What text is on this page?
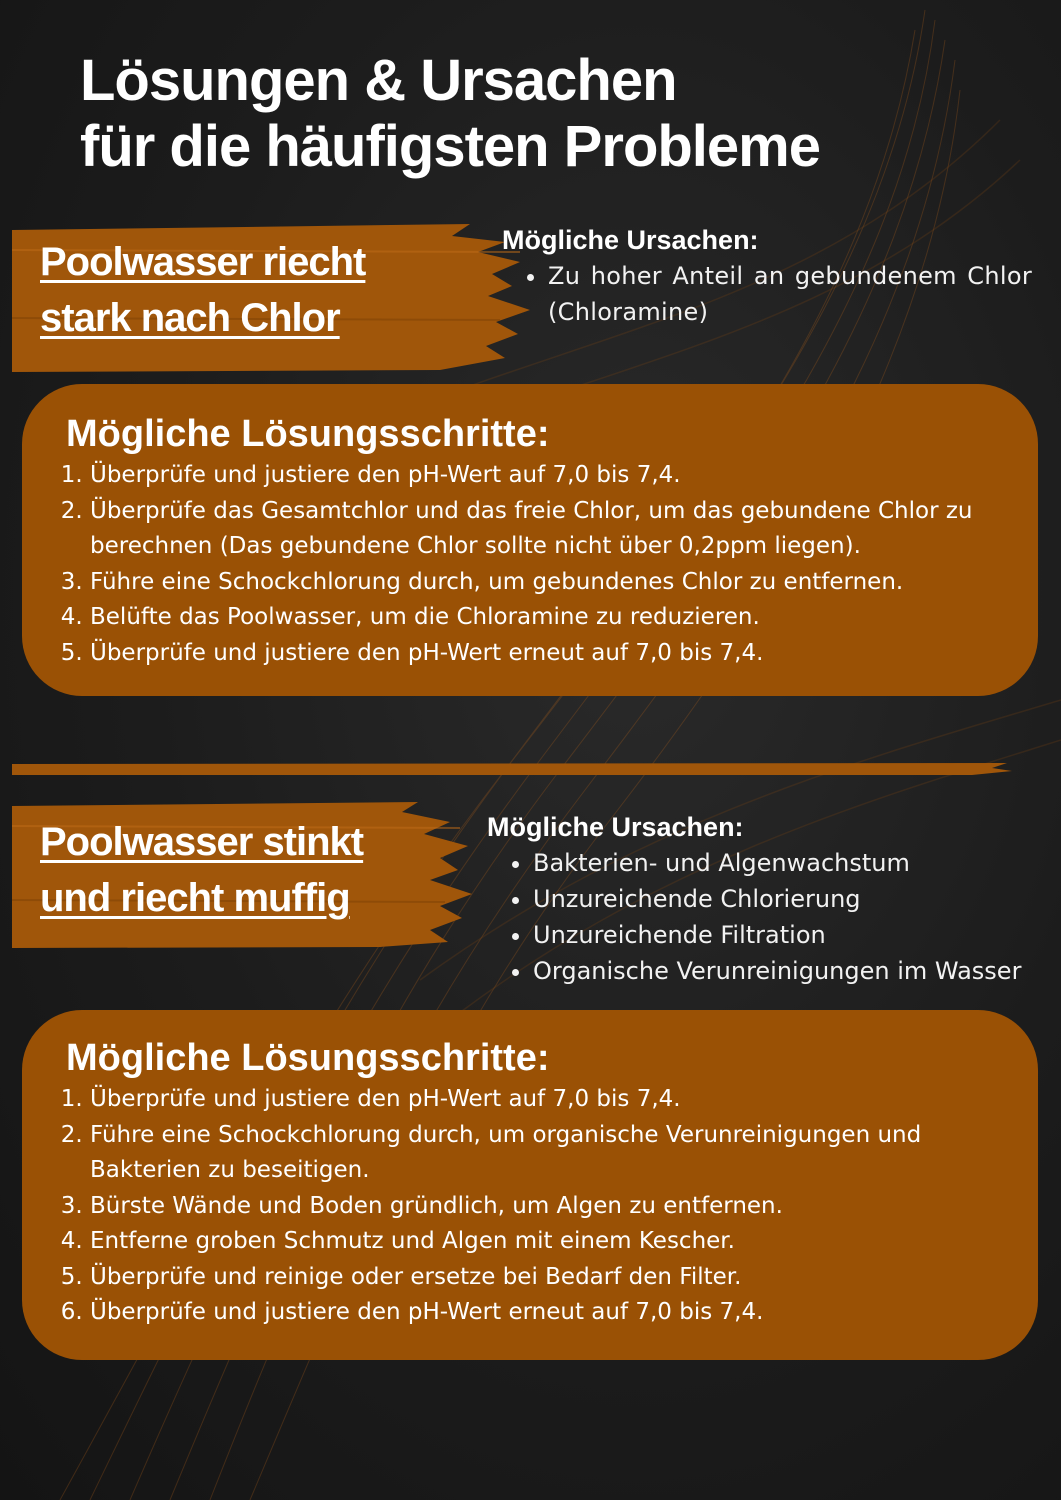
Lösungen & Ursachen
für die häufigsten Probleme
Poolwasser riecht
stark nach Chlor
Mögliche Ursachen:
• Zu hoher Anteil an gebundenem Chlor (Chloramine)
Mögliche Lösungsschritte:
1. Überprüfe und justiere den pH-Wert auf 7,0 bis 7,4.
2. Überprüfe das Gesamtchlor und das freie Chlor, um das gebundene Chlor zu berechnen (Das gebundene Chlor sollte nicht über 0,2ppm liegen).
3. Führe eine Schockchlorung durch, um gebundenes Chlor zu entfernen.
4. Belüfte das Poolwasser, um die Chloramine zu reduzieren.
5. Überprüfe und justiere den pH-Wert erneut auf 7,0 bis 7,4.
Poolwasser stinkt
und riecht muffig
Mögliche Ursachen:
• Bakterien- und Algenwachstum
• Unzureichende Chlorierung
• Unzureichende Filtration
• Organische Verunreinigungen im Wasser
Mögliche Lösungsschritte:
1. Überprüfe und justiere den pH-Wert auf 7,0 bis 7,4.
2. Führe eine Schockchlorung durch, um organische Verunreinigungen und Bakterien zu beseitigen.
3. Bürste Wände und Boden gründlich, um Algen zu entfernen.
4. Entferne groben Schmutz und Algen mit einem Kescher.
5. Überprüfe und reinige oder ersetze bei Bedarf den Filter.
6. Überprüfe und justiere den pH-Wert erneut auf 7,0 bis 7,4.
